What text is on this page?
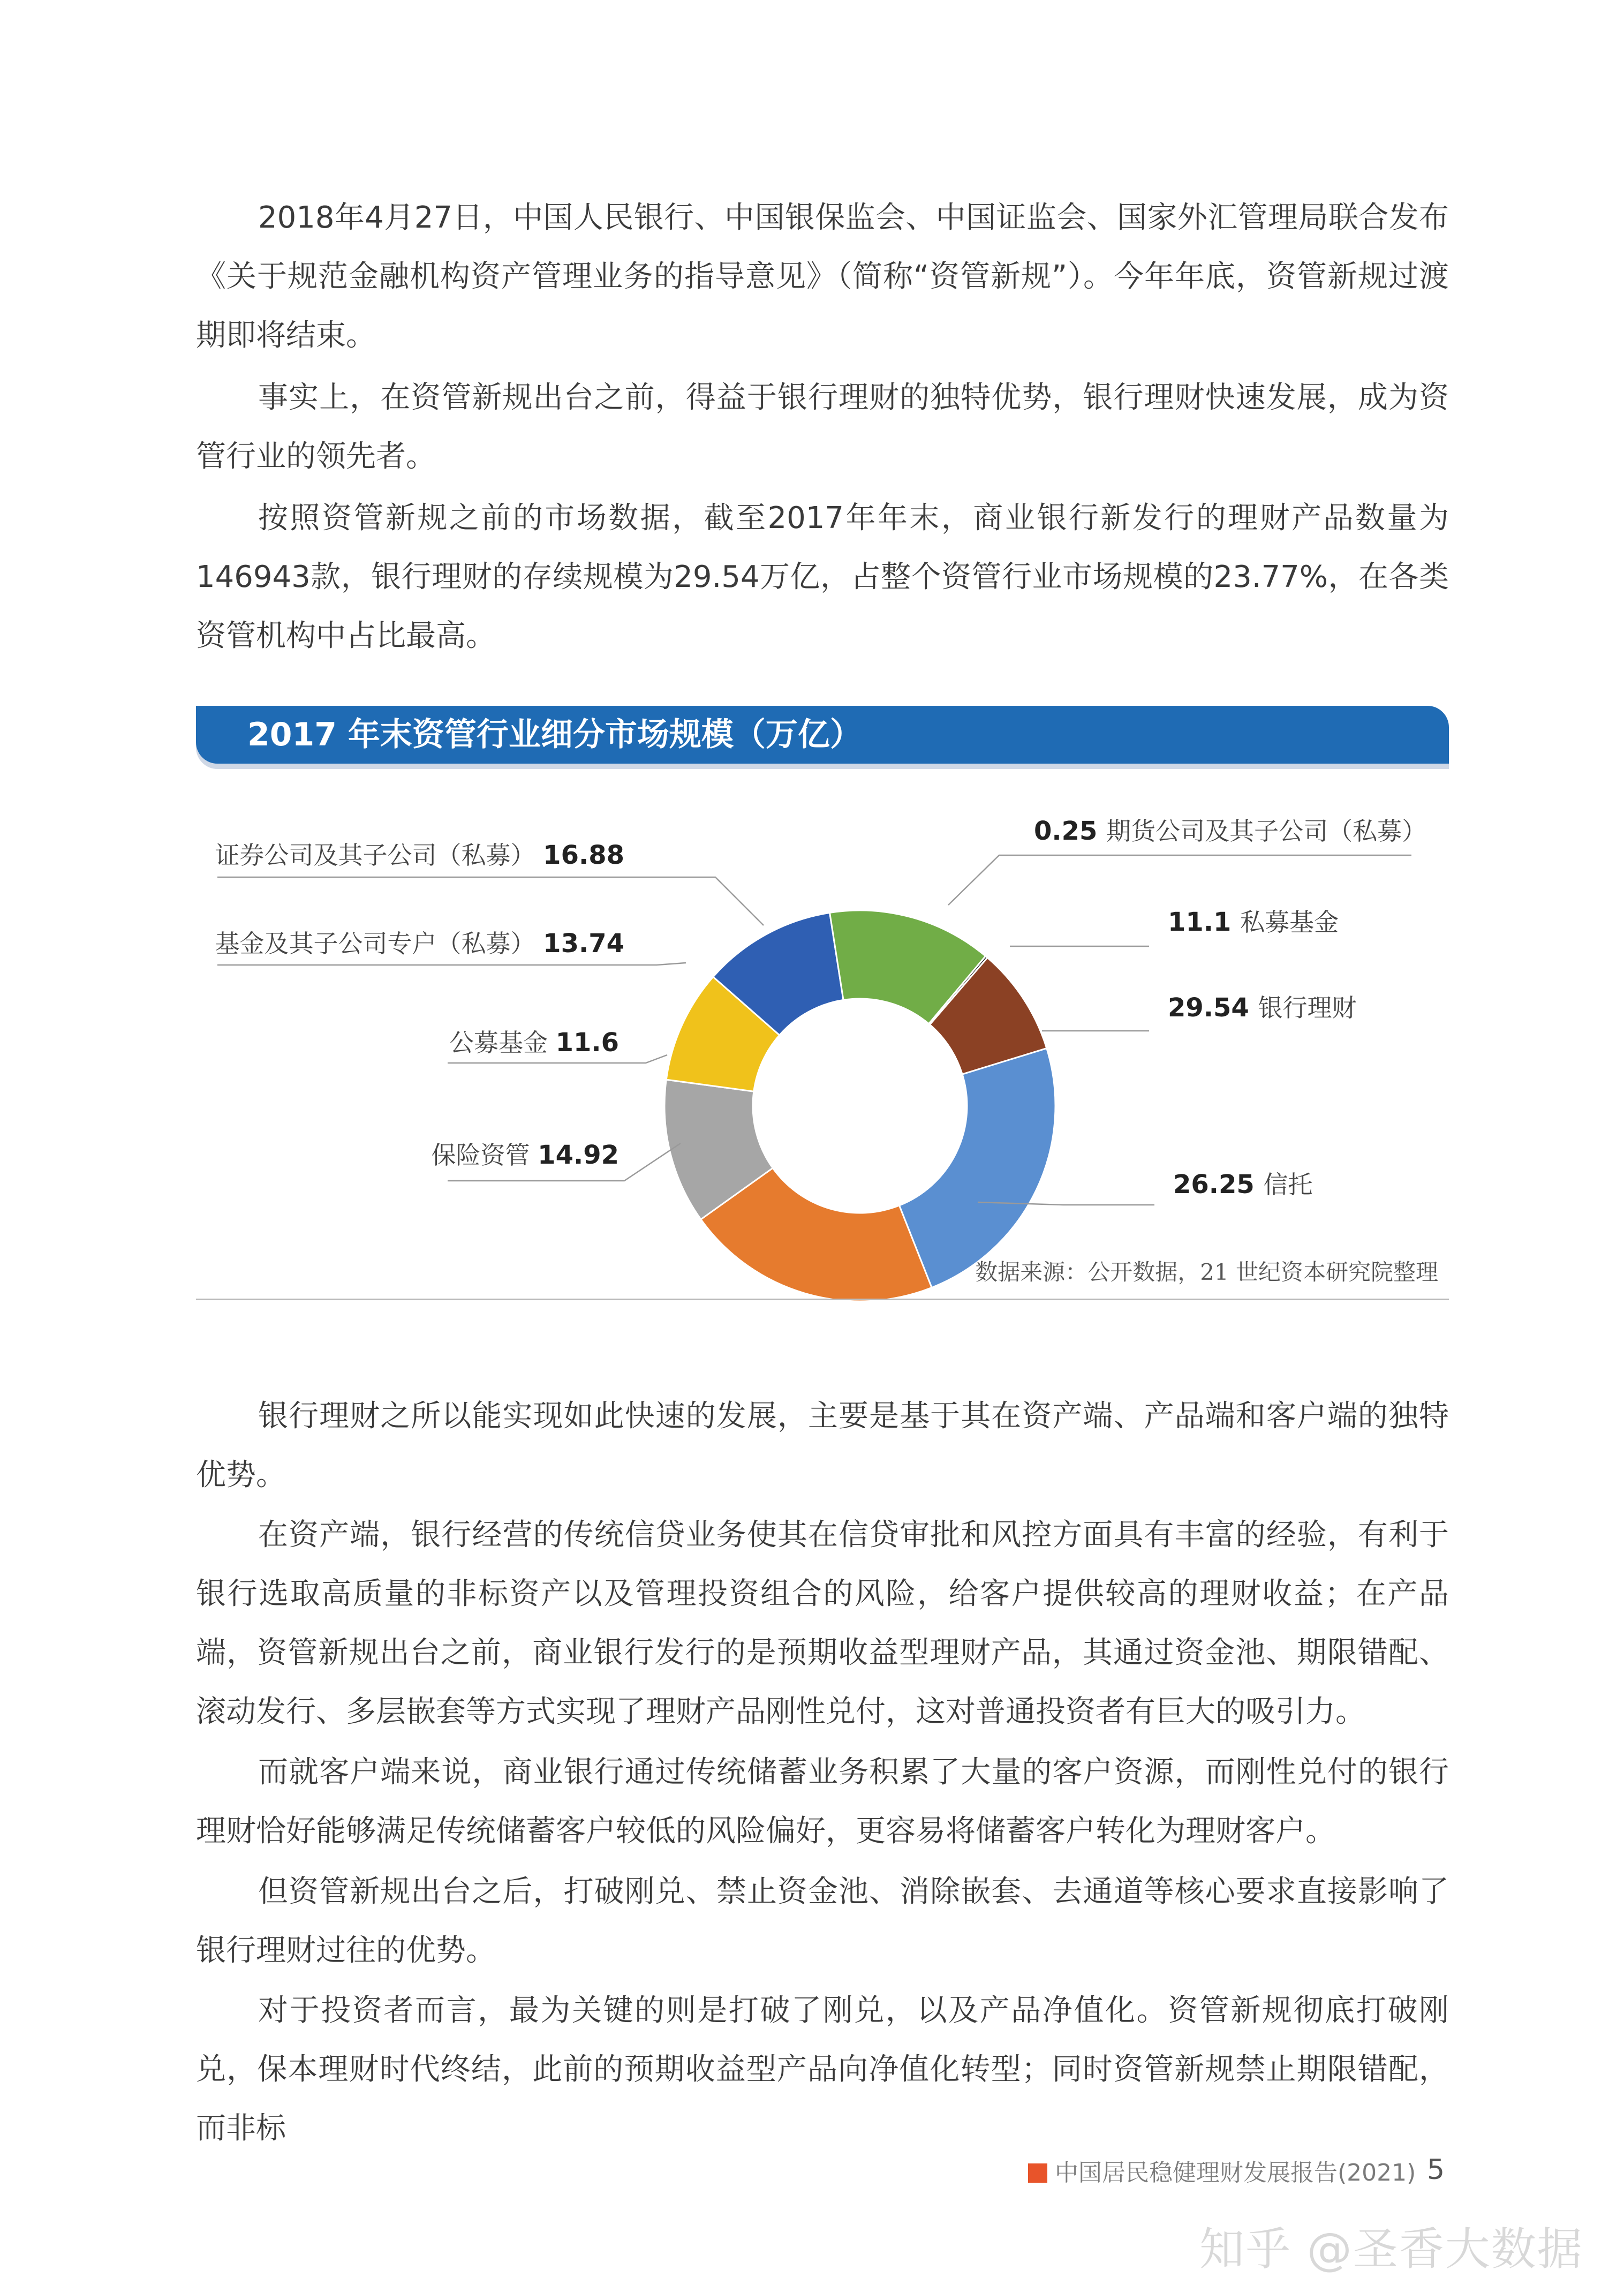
2018年4月27日，中国人民银行、中国银保监会、中国证监会、国家外汇管理局联合发布《关于规范金融机构资产管理业务的指导意见》（简称“资管新规”）。今年年底，资管新规过渡期即将结束。

事实上，在资管新规出台之前，得益于银行理财的独特优势，银行理财快速发展，成为资管行业的领先者。

按照资管新规之前的市场数据，截至2017年年末，商业银行新发行的理财产品数量为146943款，银行理财的存续规模为29.54万亿，占整个资管行业市场规模的23.77%，在各类资管机构中占比最高。

2017 年末资管行业细分市场规模（万亿）
0.25 期货公司及其子公司（私募）
11.1 私募基金
29.54 银行理财
26.25 信托
保险资管 14.92
公募基金 11.6
基金及其子公司专户（私募） 13.74
证券公司及其子公司（私募） 16.88
数据来源：公开数据，21 世纪资本研究院整理

银行理财之所以能实现如此快速的发展，主要是基于其在资产端、产品端和客户端的独特优势。

在资产端，银行经营的传统信贷业务使其在信贷审批和风控方面具有丰富的经验，有利于银行选取高质量的非标资产以及管理投资组合的风险，给客户提供较高的理财收益；在产品端，资管新规出台之前，商业银行发行的是预期收益型理财产品，其通过资金池、期限错配、滚动发行、多层嵌套等方式实现了理财产品刚性兑付，这对普通投资者有巨大的吸引力。

而就客户端来说，商业银行通过传统储蓄业务积累了大量的客户资源，而刚性兑付的银行理财恰好能够满足传统储蓄客户较低的风险偏好，更容易将储蓄客户转化为理财客户。

但资管新规出台之后，打破刚兑、禁止资金池、消除嵌套、去通道等核心要求直接影响了银行理财过往的优势。

对于投资者而言，最为关键的则是打破了刚兑，以及产品净值化。资管新规彻底打破刚兑，保本理财时代终结，此前的预期收益型产品向净值化转型；同时资管新规禁止期限错配，而非标

中国居民稳健理财发展报告(2021) 5
知乎 @圣香大数据
